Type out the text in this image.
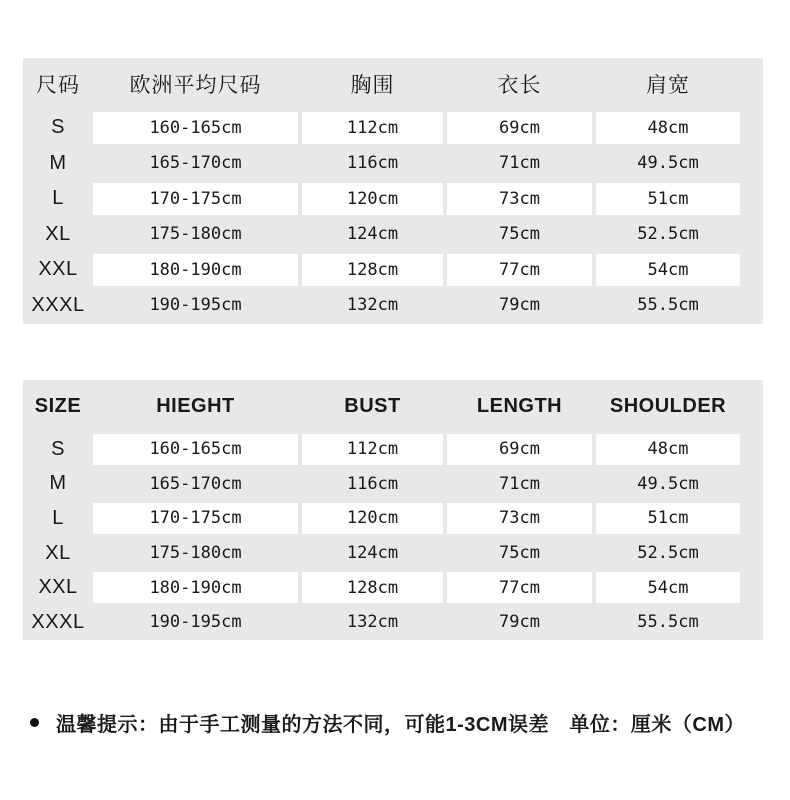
尺码	欧洲平均尺码	胸围	衣长	肩宽
S	160-165cm	112cm	69cm	48cm
M	165-170cm	116cm	71cm	49.5cm
L	170-175cm	120cm	73cm	51cm
XL	175-180cm	124cm	75cm	52.5cm
XXL	180-190cm	128cm	77cm	54cm
XXXL	190-195cm	132cm	79cm	55.5cm
SIZE	HIEGHT	BUST	LENGTH	SHOULDER
S	160-165cm	112cm	69cm	48cm
M	165-170cm	116cm	71cm	49.5cm
L	170-175cm	120cm	73cm	51cm
XL	175-180cm	124cm	75cm	52.5cm
XXL	180-190cm	128cm	77cm	54cm
XXXL	190-195cm	132cm	79cm	55.5cm
温馨提示：由于手工测量的方法不同，可能1-3CM误差 单位：厘米（CM）
